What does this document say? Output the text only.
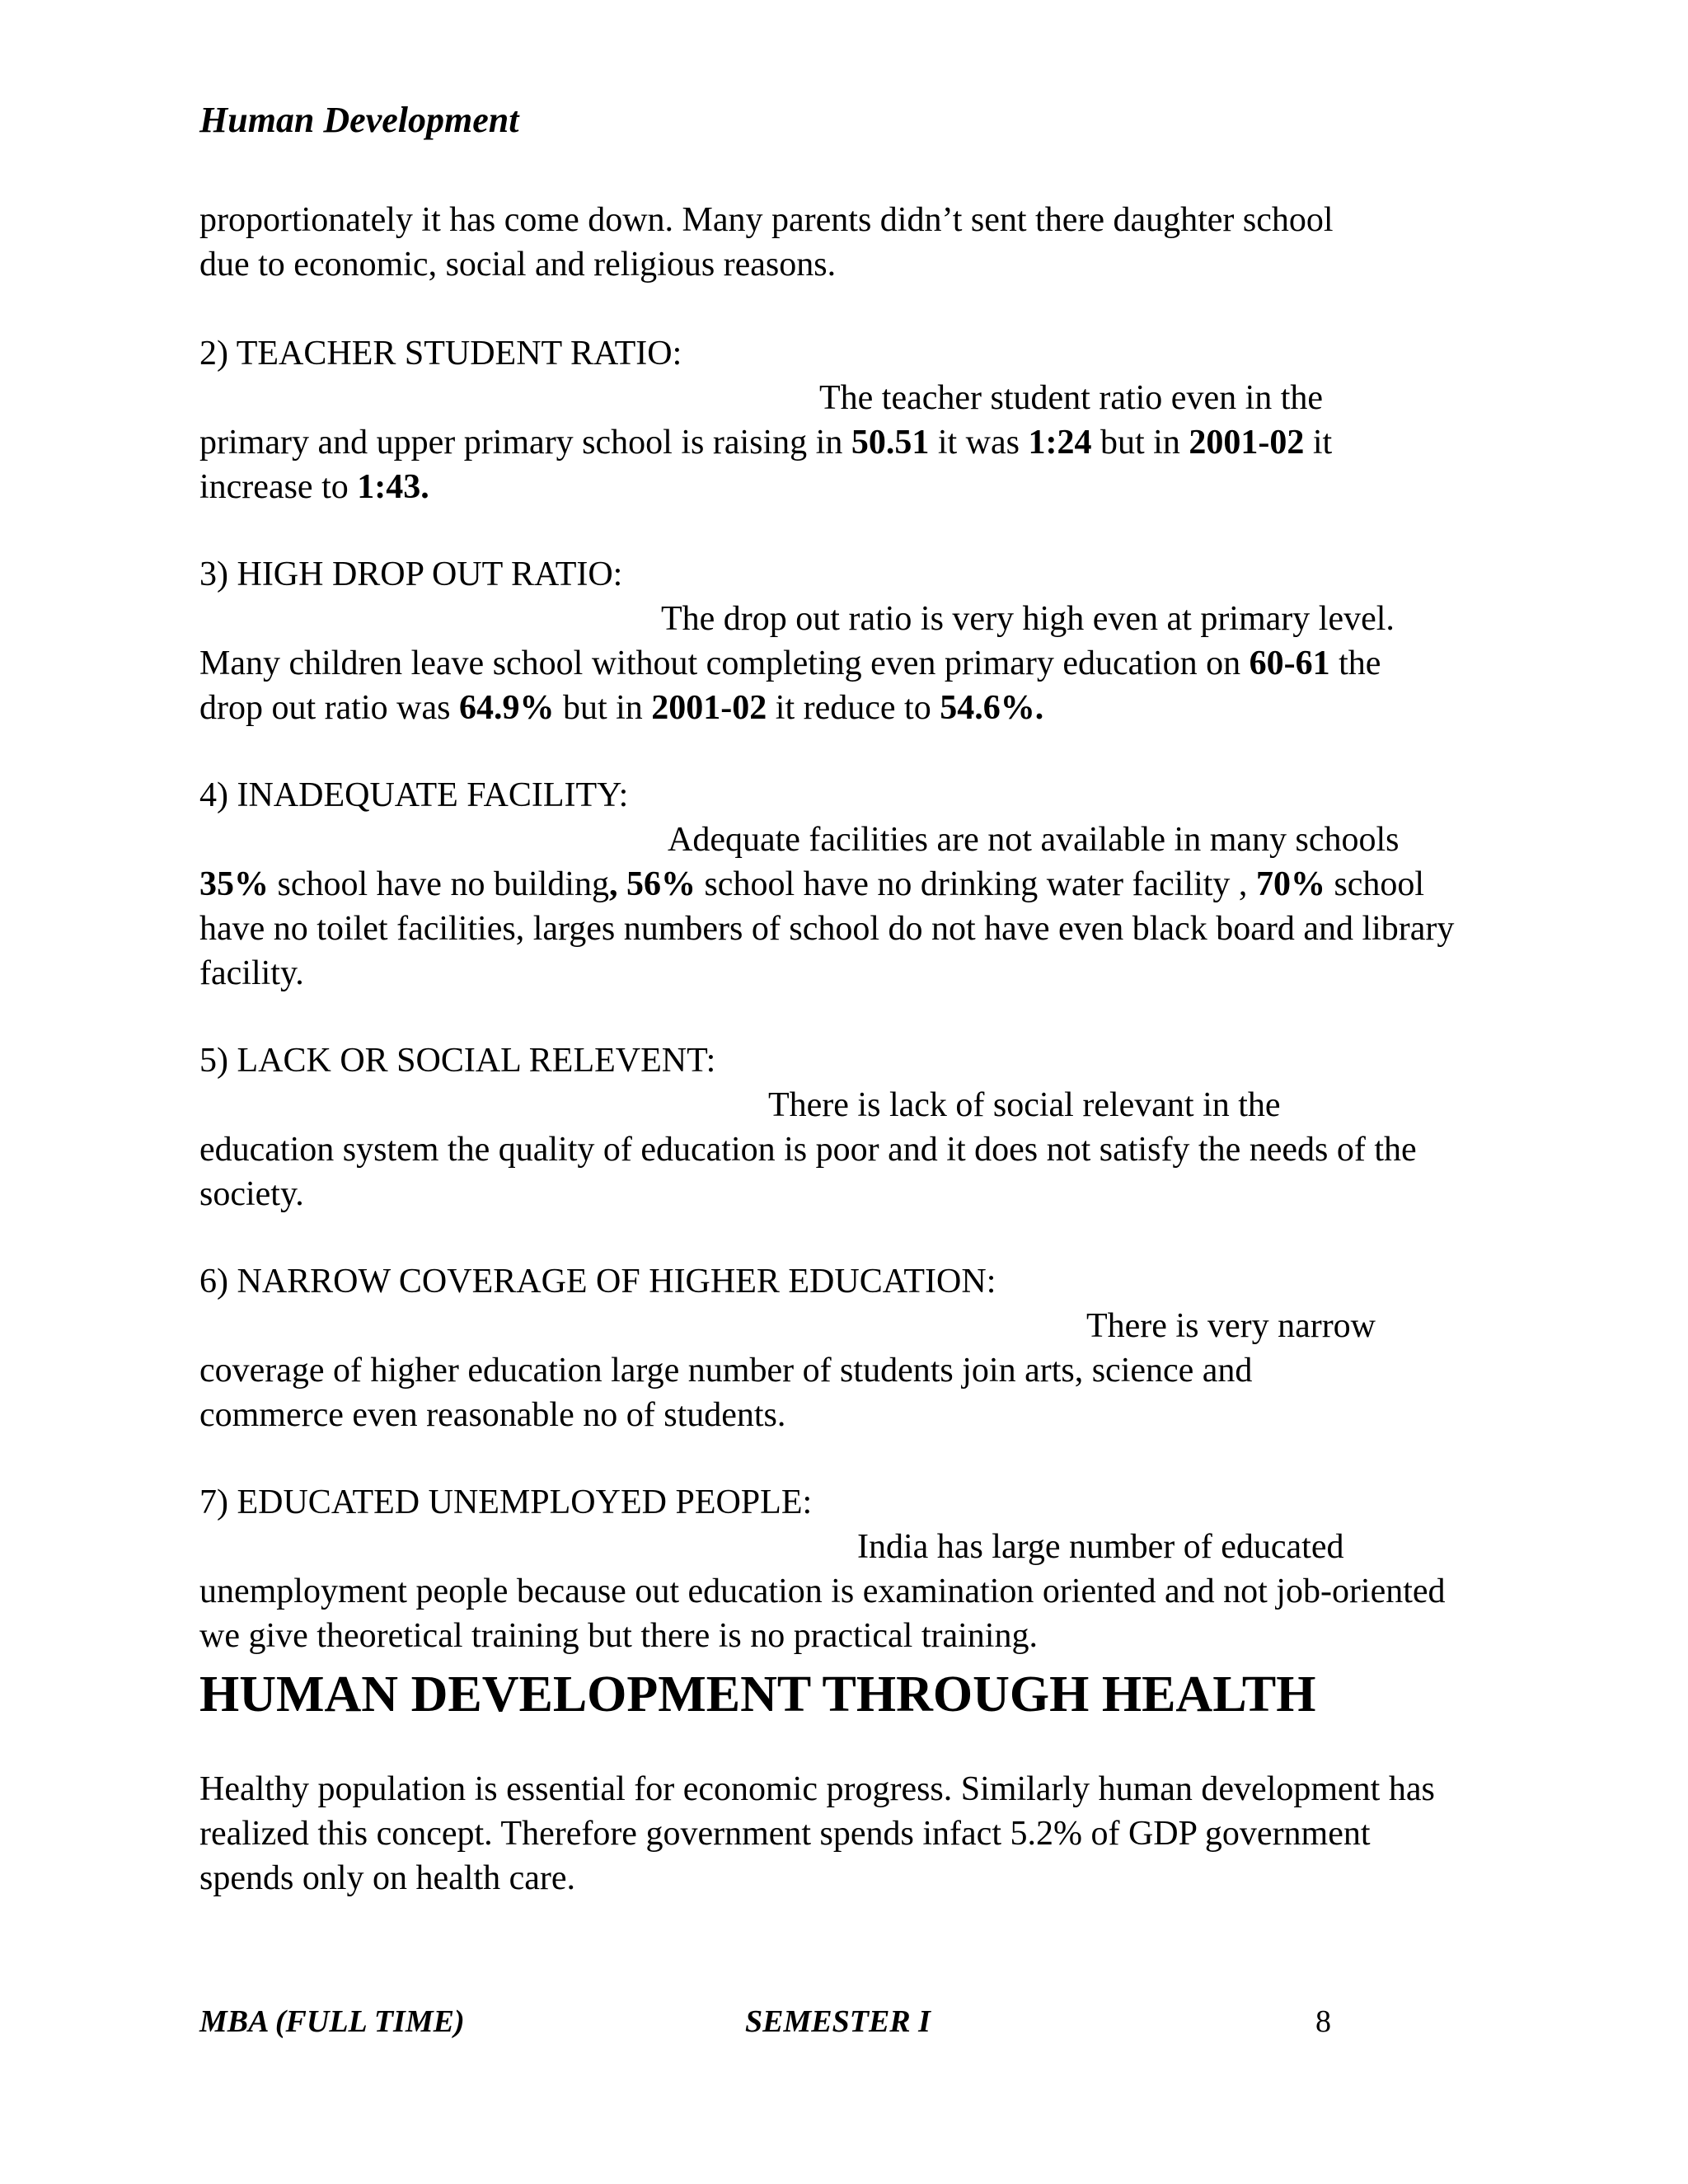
Human Development
proportionately it has come down. Many parents didn’t sent there daughter school
due to economic, social and religious reasons.

2) TEACHER STUDENT RATIO:

The teacher student ratio even in the

primary and upper primary school is raising in 50.51 it was 1:24 but in 2001-02 it increase to 1:43.

3) HIGH DROP OUT RATIO:

The drop out ratio is very high even at primary level.

Many children leave school without completing even primary education on 60-61 the drop out ratio was 64.9% but in 2001-02 it reduce to 54.6%.

4) INADEQUATE FACILITY:

Adequate facilities are not available in many schools

35% school have no building, 56% school have no drinking water facility , 70% school have no toilet facilities, larges numbers of school do not have even black board and library facility.

5) LACK OR SOCIAL RELEVENT:

There is lack of social relevant in the

education system the quality of education is poor and it does not satisfy the needs of the society.

6) NARROW COVERAGE OF HIGHER EDUCATION:

There is very narrow

coverage of higher education large number of students join arts, science and commerce even reasonable no of students.

7) EDUCATED UNEMPLOYED PEOPLE:

India has large number of educated

unemployment people because out education is examination oriented and not job-oriented we give theoretical training but there is no practical training.

HUMAN DEVELOPMENT THROUGH HEALTH

Healthy population is essential for economic progress. Similarly human development has realized this concept. Therefore government spends infact 5.2% of GDP government spends only on health care.

MBA (FULL TIME)	SEMESTER I	8
